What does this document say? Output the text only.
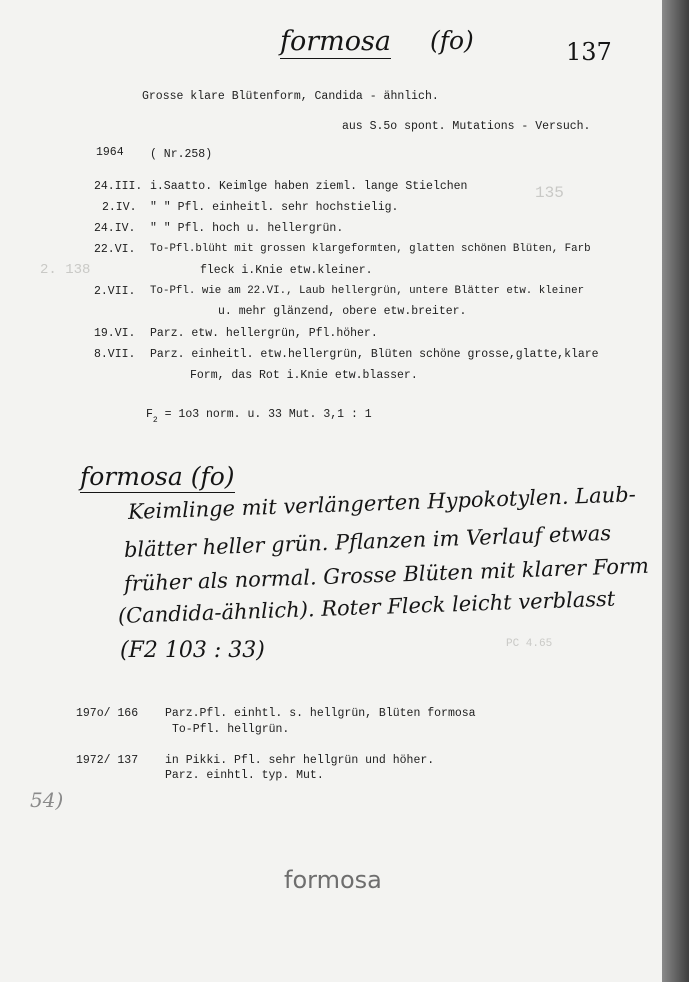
135
2. 138
PC 4.65
formosa (fo)	137
Grosse klare Blütenform, Candida - ähnlich.
aus S.5o spont. Mutations - Versuch.
1964 ( Nr.258)
24.III. i.Saatto. Keimlge haben zieml. lange Stielchen
2.IV. " " Pfl. einheitl. sehr hochstielig.
24.IV. " " Pfl. hoch u. hellergrün.
22.VI. To-Pfl.blüht mit grossen klargeformten, glatten schönen Blüten, Farb
fleck i.Knie etw.kleiner.
2.VII. To-Pfl. wie am 22.VI., Laub hellergrün, untere Blätter etw. kleiner
u. mehr glänzend, obere etw.breiter.
19.VI. Parz. etw. hellergrün, Pfl.höher.
8.VII. Parz. einheitl. etw.hellergrün, Blüten schöne grosse,glatte,klare
Form, das Rot i.Knie etw.blasser.
$F_2 = 1o3$ norm. u. 33 Mut. 3,1 : 1
formosa (fo)
Keimlinge mit verlängerten Hypokotylen. Laub-
blätter heller grün. Pflanzen im Verlauf etwas
früher als normal. Grosse Blüten mit klarer Form
(Candida-ähnlich). Roter Fleck leicht verblasst
(F2 103 : 33)
197o/ 166 Parz.Pfl. einhtl. s. hellgrün, Blüten formosa
To-Pfl. hellgrün.
1972/ 137 in Pikki. Pfl. sehr hellgrün und höher.
Parz. einhtl. typ. Mut.
54)
formosa
